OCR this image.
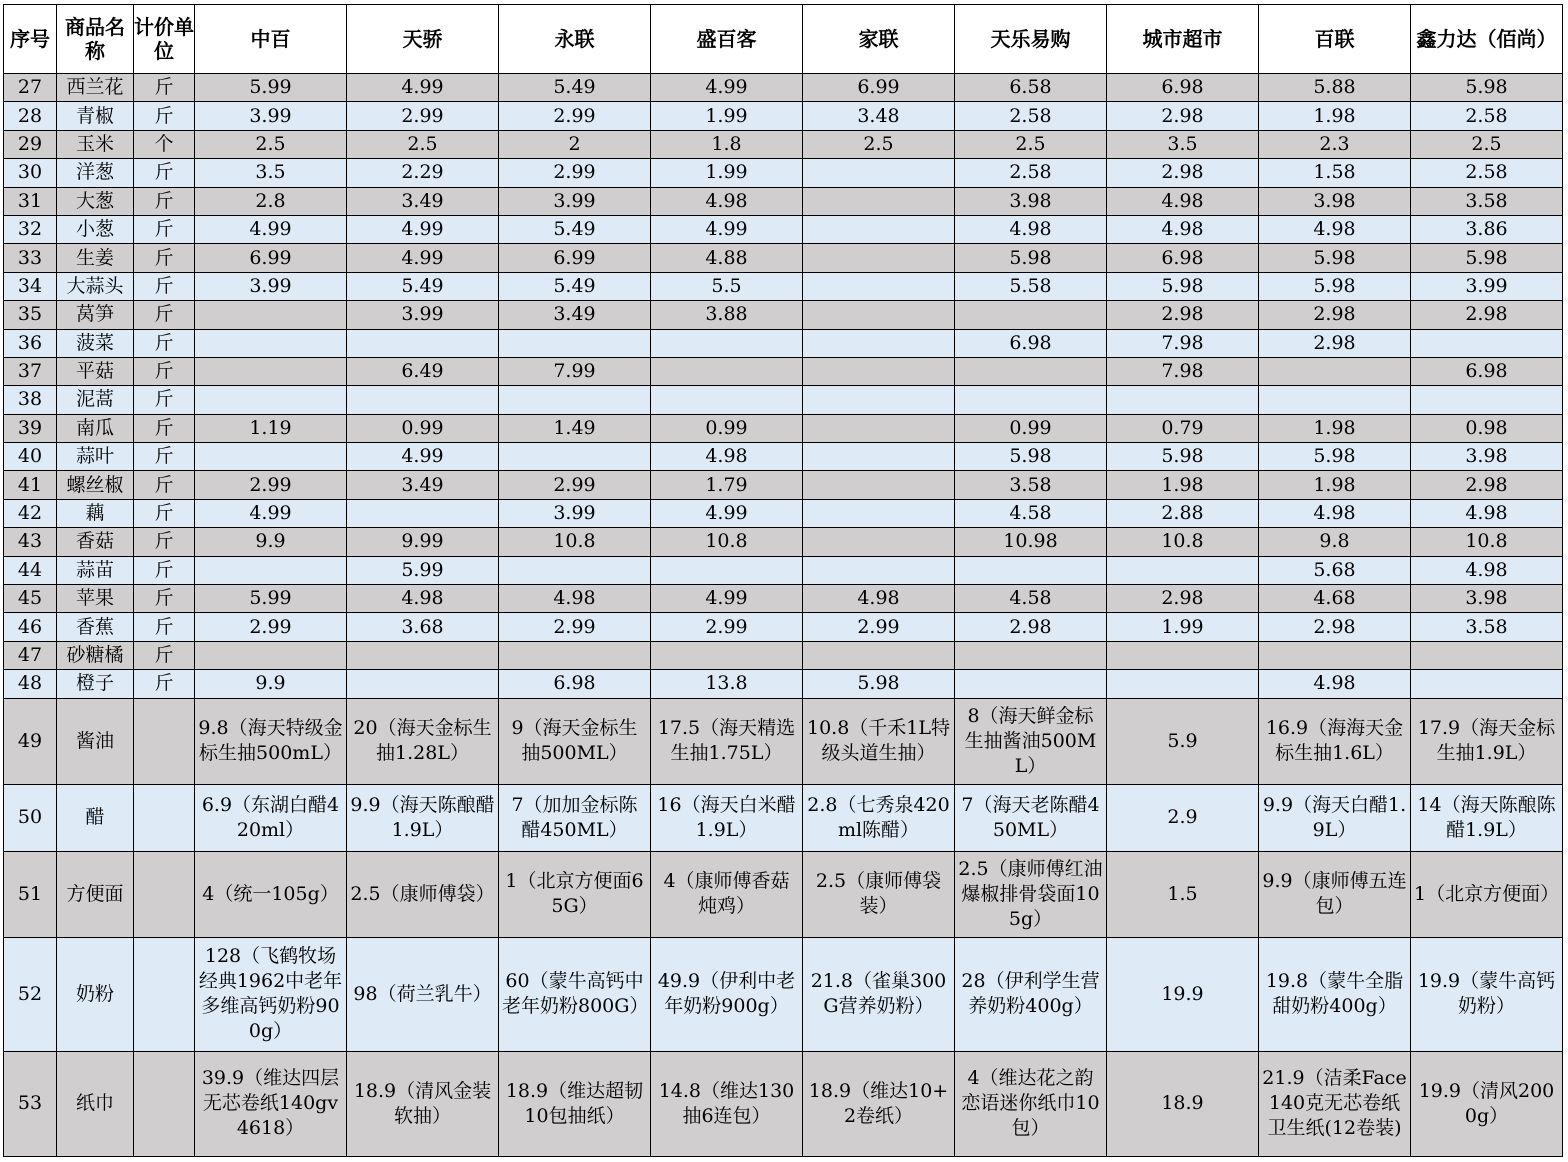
序号	商品名称	计价单位	中百	天骄	永联	盛百客	家联	天乐易购	城市超市	百联	鑫力达（佰尚）
27	西兰花	斤	5.99	4.99	5.49	4.99	6.99	6.58	6.98	5.88	5.98
28	青椒	斤	3.99	2.99	2.99	1.99	3.48	2.58	2.98	1.98	2.58
29	玉米	个	2.5	2.5	2	1.8	2.5	2.5	3.5	2.3	2.5
30	洋葱	斤	3.5	2.29	2.99	1.99		2.58	2.98	1.58	2.58
31	大葱	斤	2.8	3.49	3.99	4.98		3.98	4.98	3.98	3.58
32	小葱	斤	4.99	4.99	5.49	4.99		4.98	4.98	4.98	3.86
33	生姜	斤	6.99	4.99	6.99	4.88		5.98	6.98	5.98	5.98
34	大蒜头	斤	3.99	5.49	5.49	5.5		5.58	5.98	5.98	3.99
35	莴笋	斤		3.99	3.49	3.88			2.98	2.98	2.98
36	菠菜	斤						6.98	7.98	2.98	
37	平菇	斤		6.49	7.99				7.98		6.98
38	泥蒿	斤									
39	南瓜	斤	1.19	0.99	1.49	0.99		0.99	0.79	1.98	0.98
40	蒜叶	斤		4.99		4.98		5.98	5.98	5.98	3.98
41	螺丝椒	斤	2.99	3.49	2.99	1.79		3.58	1.98	1.98	2.98
42	藕	斤	4.99		3.99	4.99		4.58	2.88	4.98	4.98
43	香菇	斤	9.9	9.99	10.8	10.8		10.98	10.8	9.8	10.8
44	蒜苗	斤		5.99						5.68	4.98
45	苹果	斤	5.99	4.98	4.98	4.99	4.98	4.58	2.98	4.68	3.98
46	香蕉	斤	2.99	3.68	2.99	2.99	2.99	2.98	1.99	2.98	3.58
47	砂糖橘	斤									
48	橙子	斤	9.9		6.98	13.8	5.98			4.98	
49	酱油		9.8（海天特级金标生抽500mL）	20（海天金标生抽1.28L）	9（海天金标生抽500ML）	17.5（海天精选生抽1.75L）	10.8（千禾1L特级头道生抽）	8（海天鲜金标生抽酱油500ML）	5.9	16.9（海海天金标生抽1.6L）	17.9（海天金标生抽1.9L）
50	醋		6.9（东湖白醋420ml）	9.9（海天陈酿醋1.9L）	7（加加金标陈醋450ML）	16（海天白米醋1.9L）	2.8（七秀泉420ml陈醋）	7（海天老陈醋450ML）	2.9	9.9（海天白醋1.9L）	14（海天陈酿陈醋1.9L）
51	方便面		4（统一105g）	2.5（康师傅袋）	1（北京方便面65G）	4（康师傅香菇炖鸡）	2.5（康师傅袋装）	2.5（康师傅红油爆椒排骨袋面105g）	1.5	9.9（康师傅五连包）	1（北京方便面）
52	奶粉		128（飞鹤牧场经典1962中老年多维高钙奶粉900g）	98（荷兰乳牛）	60（蒙牛高钙中老年奶粉800G）	49.9（伊利中老年奶粉900g）	21.8（雀巢300G营养奶粉）	28（伊利学生营养奶粉400g）	19.9	19.8（蒙牛全脂甜奶粉400g）	19.9（蒙牛高钙奶粉）
53	纸巾		39.9（维达四层无芯卷纸140gv4618）	18.9（清风金装软抽）	18.9（维达超韧10包抽纸）	14.8（维达130抽6连包）	18.9（维达10+2卷纸）	4（维达花之韵恋语迷你纸巾10包）	18.9	21.9（洁柔Face140克无芯卷纸卫生纸(12卷装)	19.9（清风2000g）
